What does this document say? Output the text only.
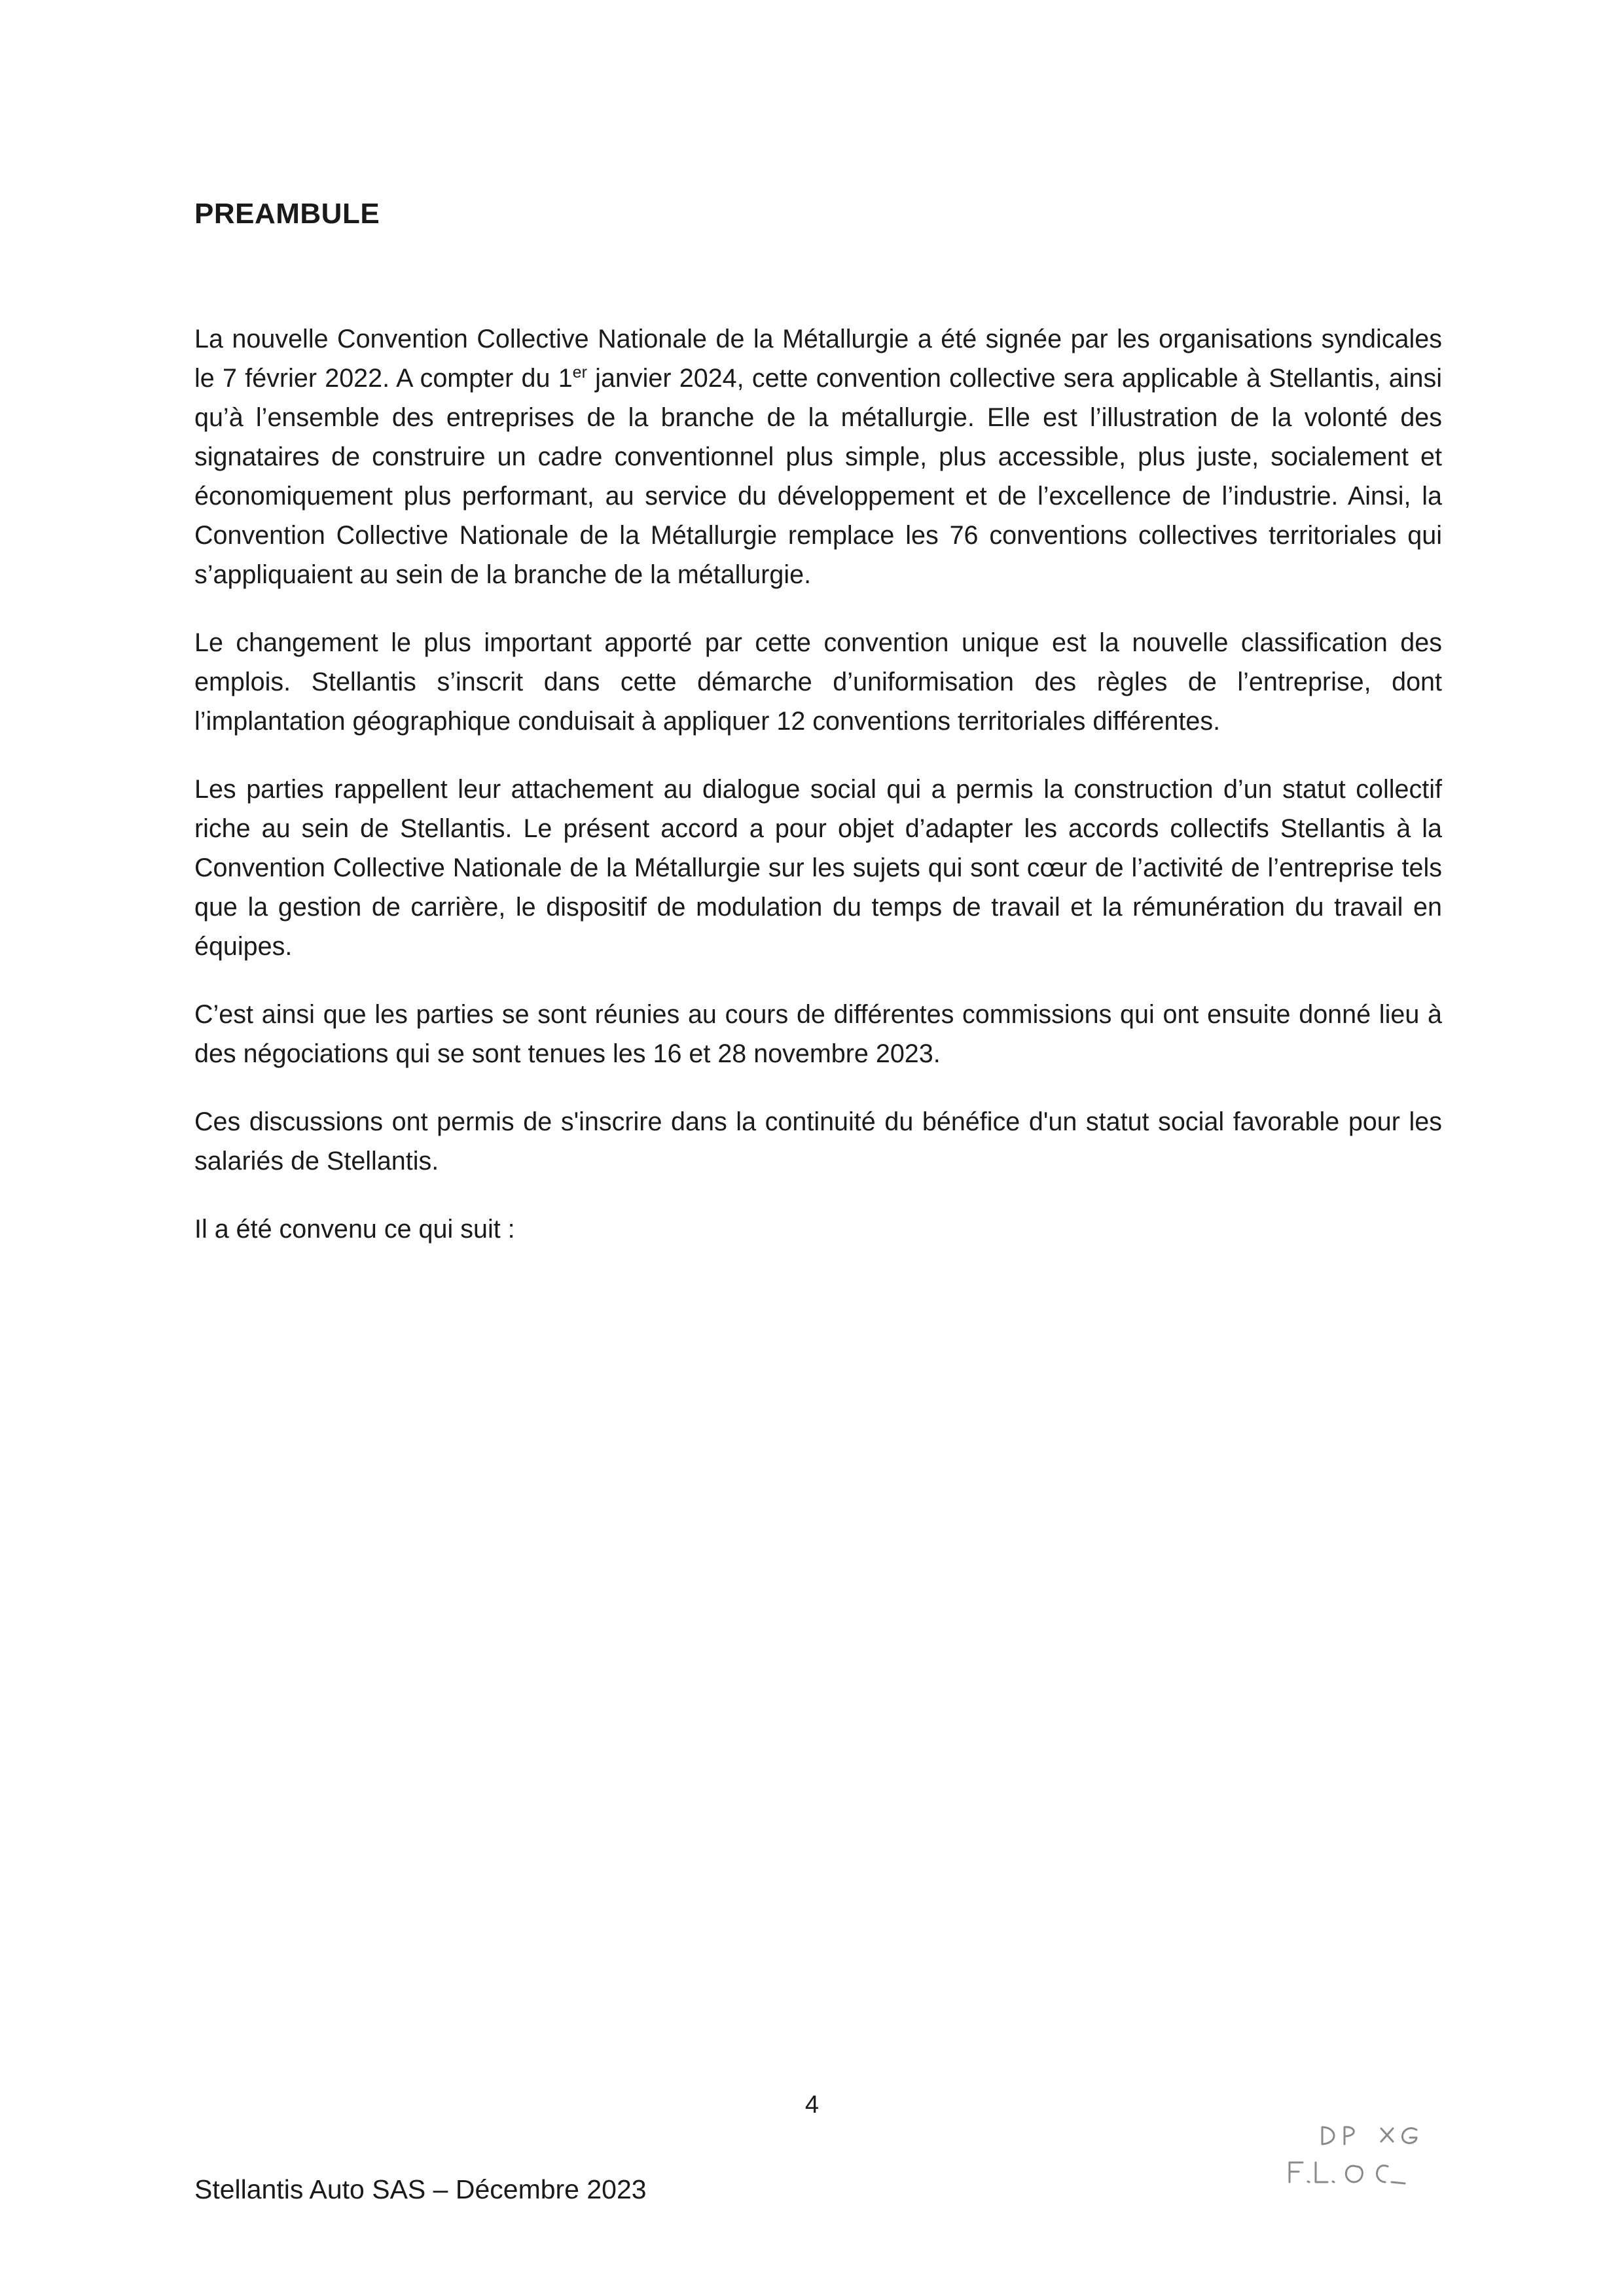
PREAMBULE

La nouvelle Convention Collective Nationale de la Métallurgie a été signée par les organisations syndicales le 7 février 2022. A compter du 1er janvier 2024, cette convention collective sera applicable à Stellantis, ainsi qu’à l’ensemble des entreprises de la branche de la métallurgie. Elle est l’illustration de la volonté des signataires de construire un cadre conventionnel plus simple, plus accessible, plus juste, socialement et économiquement plus performant, au service du développement et de l’excellence de l’industrie. Ainsi, la Convention Collective Nationale de la Métallurgie remplace les 76 conventions collectives territoriales qui s’appliquaient au sein de la branche de la métallurgie.

Le changement le plus important apporté par cette convention unique est la nouvelle classification des emplois. Stellantis s’inscrit dans cette démarche d’uniformisation des règles de l’entreprise, dont l’implantation géographique conduisait à appliquer 12 conventions territoriales différentes.

Les parties rappellent leur attachement au dialogue social qui a permis la construction d’un statut collectif riche au sein de Stellantis. Le présent accord a pour objet d’adapter les accords collectifs Stellantis à la Convention Collective Nationale de la Métallurgie sur les sujets qui sont cœur de l’activité de l’entreprise tels que la gestion de carrière, le dispositif de modulation du temps de travail et la rémunération du travail en équipes.

C’est ainsi que les parties se sont réunies au cours de différentes commissions qui ont ensuite donné lieu à des négociations qui se sont tenues les 16 et 28 novembre 2023.

Ces discussions ont permis de s'inscrire dans la continuité du bénéfice d'un statut social favorable pour les salariés de Stellantis.

Il a été convenu ce qui suit :

4
Stellantis Auto SAS – Décembre 2023
